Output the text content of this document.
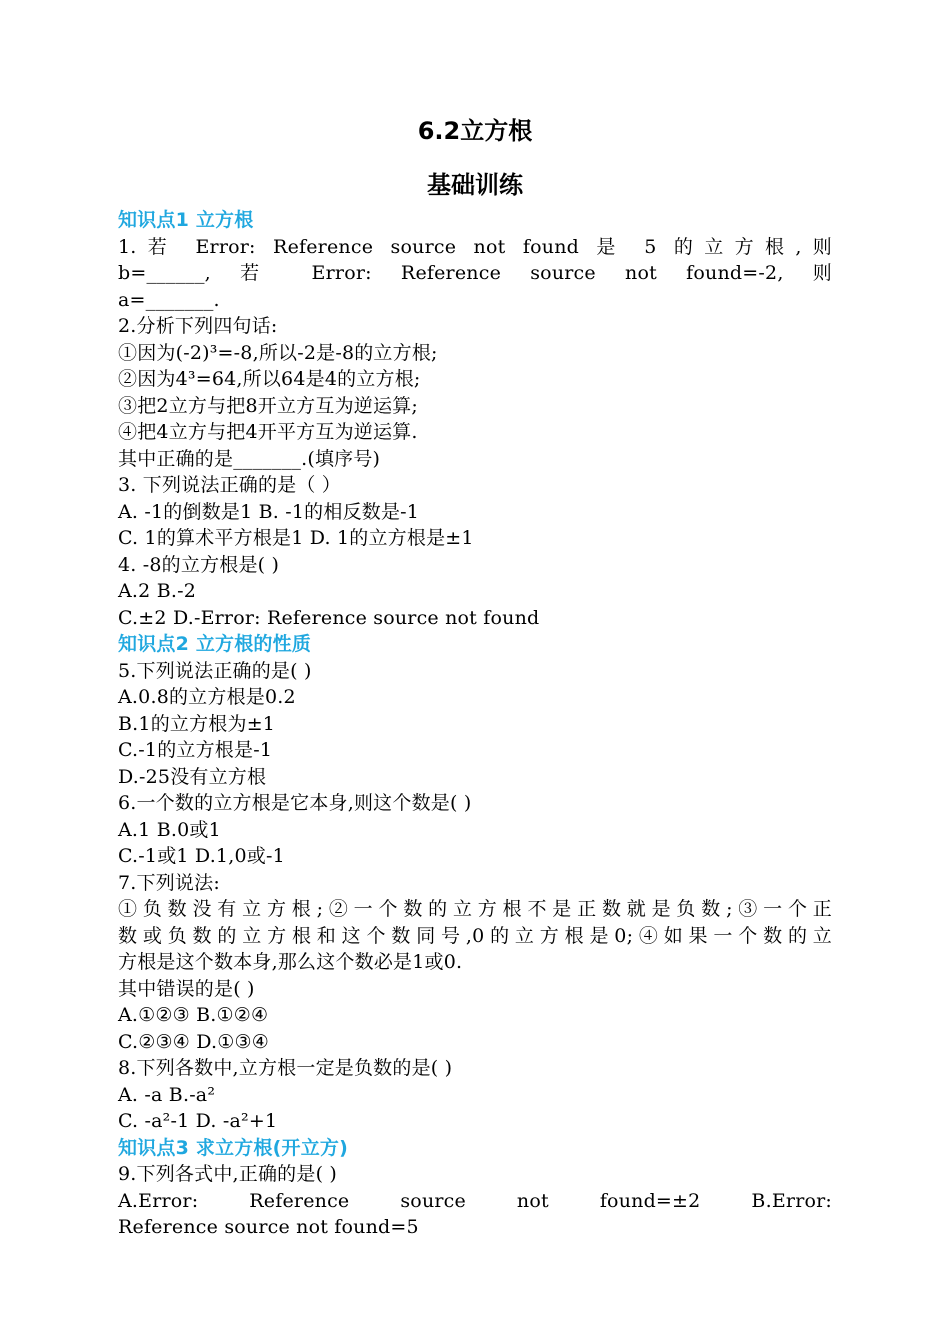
6.2立方根
基础训练
知识点1 立方根
1.若 Error: Reference source not found 是 5 的立方根,则
b=______, 若 Error: Reference source not found=-2, 则
a=_______.
2.分析下列四句话:
①因为(-2)³=-8,所以-2是-8的立方根;
②因为4³=64,所以64是4的立方根;
③把2立方与把8开立方互为逆运算;
④把4立方与把4开平方互为逆运算.
其中正确的是_______.(填序号)
3. 下列说法正确的是（ ）
A. -1的倒数是1 B. -1的相反数是-1
C. 1的算术平方根是1 D. 1的立方根是±1
4. -8的立方根是( )
A.2 B.-2
C.±2 D.-Error: Reference source not found
知识点2 立方根的性质
5.下列说法正确的是( )
A.0.8的立方根是0.2
B.1的立方根为±1
C.-1的立方根是-1
D.-25没有立方根
6.一个数的立方根是它本身,则这个数是( )
A.1 B.0或1
C.-1或1 D.1,0或-1
7.下列说法:
①负数没有立方根;②一个数的立方根不是正数就是负数;③一个正
数或负数的立方根和这个数同号,0的立方根是0;④如果一个数的立
方根是这个数本身,那么这个数必是1或0.
其中错误的是( )
A.①②③ B.①②④
C.②③④ D.①③④
8.下列各数中,立方根一定是负数的是( )
A. -a B.-a²
C. -a²-1 D. -a²+1
知识点3 求立方根(开立方)
9.下列各式中,正确的是( )
A.Error: Reference source not found=±2 B.Error:
Reference source not found=5
